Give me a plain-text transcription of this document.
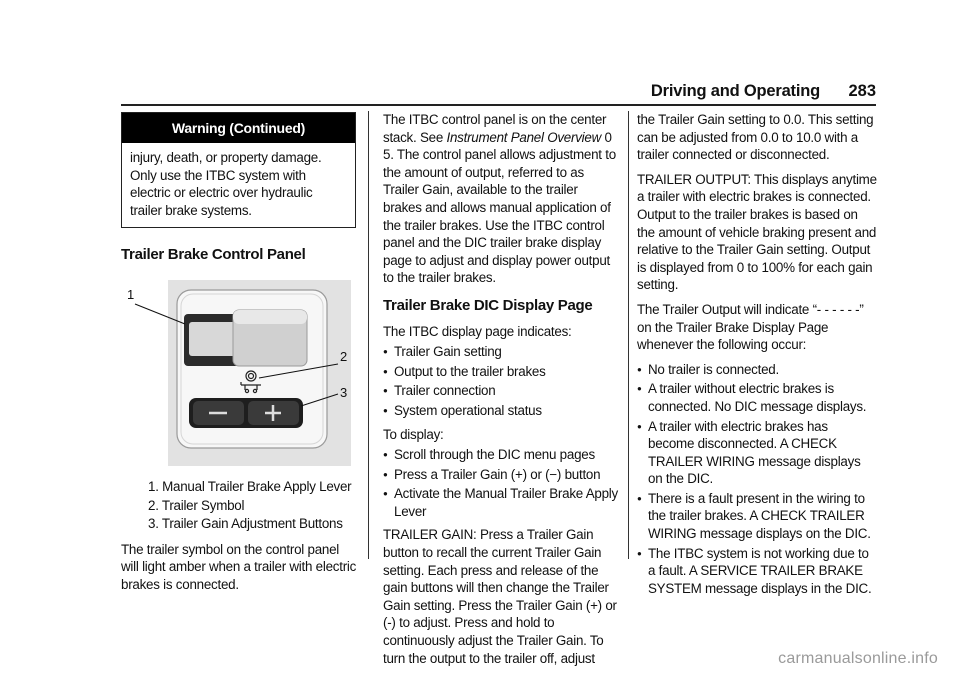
Driving and Operating 283
Warning (Continued)
injury, death, or property damage. Only use the ITBC system with electric or electric over hydraulic trailer brake systems.
Trailer Brake Control Panel
1
2
3
1. Manual Trailer Brake Apply Lever
2. Trailer Symbol
3. Trailer Gain Adjustment Buttons

The trailer symbol on the control panel will light amber when a trailer with electric brakes is connected.

The ITBC control panel is on the center stack. See Instrument Panel Overview 0 5. The control panel allows adjustment to the amount of output, referred to as Trailer Gain, available to the trailer brakes and allows manual application of the trailer brakes. Use the ITBC control panel and the DIC trailer brake display page to adjust and display power output to the trailer brakes.

Trailer Brake DIC Display Page

The ITBC display page indicates:

● Trailer Gain setting
● Output to the trailer brakes
● Trailer connection
● System operational status

To display:

● Scroll through the DIC menu pages
● Press a Trailer Gain (+) or (−) button
● Activate the Manual Trailer Brake Apply Lever

TRAILER GAIN: Press a Trailer Gain button to recall the current Trailer Gain setting. Each press and release of the gain buttons will then change the Trailer Gain setting. Press the Trailer Gain (+) or (-) to adjust. Press and hold to continuously adjust the Trailer Gain. To turn the output to the trailer off, adjust

the Trailer Gain setting to 0.0. This setting can be adjusted from 0.0 to 10.0 with a trailer connected or disconnected.

TRAILER OUTPUT: This displays anytime a trailer with electric brakes is connected. Output to the trailer brakes is based on the amount of vehicle braking present and relative to the Trailer Gain setting. Output is displayed from 0 to 100% for each gain setting.

The Trailer Output will indicate “- - - - - -” on the Trailer Brake Display Page whenever the following occur:

● No trailer is connected.
● A trailer without electric brakes is connected. No DIC message displays.
● A trailer with electric brakes has become disconnected. A CHECK TRAILER WIRING message displays on the DIC.
● There is a fault present in the wiring to the trailer brakes. A CHECK TRAILER WIRING message displays on the DIC.
● The ITBC system is not working due to a fault. A SERVICE TRAILER BRAKE SYSTEM message displays in the DIC.
carmanualsonline.info
